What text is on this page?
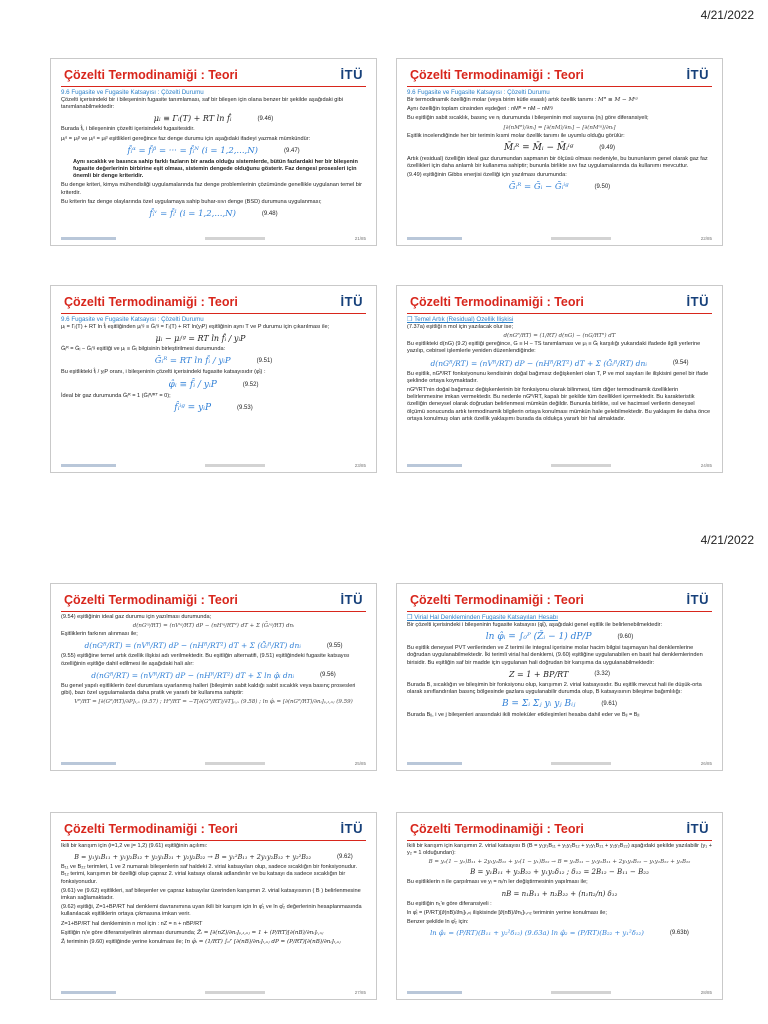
4/21/2022
4/21/2022
Çözelti Termodinamiği : Teori	İTÜ
9.6 Fugasite ve Fugasite Katsayısı : Çözelti Durumu

Çözelti içerisindeki bir i bileşeninin fugasite tanımlaması, saf bir bileşen için olana benzer bir şekilde aşağıdaki gibi tanımlanabilmektedir:

μᵢ ≡ Γᵢ(T) + RT ln f̂ᵢ	(9.46)

Burada f̂ᵢ, i bileşeninin çözelti içerisindeki fugasitesidir.

μᵢᵅ = μᵢᵝ ve μᵢᵅ = μᵢᵝ eşitlikleri gereğince faz denge durumu için aşağıdaki ifadeyi yazmak mümkündür:

f̂ᵢᵅ = f̂ᵢᵝ = ··· = f̂ᵢᴺ (i = 1,2,...,N)	(9.47)
Aynı sıcaklık ve basınca sahip farklı fazların bir arada olduğu sistemlerde, bütün fazlardaki her bir bileşenin fugasite değerlerinin birbirine eşit olması, sistemin dengede olduğunu gösterir. Faz dengesi prosesleri için önemli bir denge kriteridir.

Bu denge kriteri, kimya mühendisliği uygulamalarında faz denge problemlerinin çözümünde genellikle uygulanan temel bir kriterdir.

Bu kriterin faz denge olaylarında özel uygulamaya sahip buhar-sıvı denge (BSD) durumuna uygulanması;

f̂ᵢᵛ = f̂ᵢˡ (i = 1,2,...,N)	(9.48)
21/85
Çözelti Termodinamiği : Teori	İTÜ
9.6 Fugasite ve Fugasite Katsayısı : Çözelti Durumu

Bir termodinamik özelliğin molar (veya birim kütle esaslı) artık özellik tanımı : Mᴿ ≡ M − Mⁱᵍ

Aynı özelliğin toplam cinsinden eşdeğeri : nMᴿ = nM − nMⁱᵍ

Bu eşitliğin sabit sıcaklık, basınç ve nⱼ durumunda i bileşeninin mol sayısına (nᵢ) göre diferansiyeli;

[∂(nMᴿ)/∂nᵢ] = [∂(nM)/∂nᵢ] − [∂(nMⁱᵍ)/∂nᵢ]

Eşitlik incelendiğinde her bir terimin kısmi molar özellik tanımı ile uyumlu olduğu görülür:

M̄ᵢᴿ = M̄ᵢ − M̄ᵢⁱᵍ	(9.49)

Artık (residual) özelliğin ideal gaz durumundan sapmanın bir ölçüsü olması nedeniyle, bu bununlarım genel olarak gaz faz özellikleri için daha anlamlı bir kullanıma sahiptir; bununla birlikte sıvı faz uygulamalarında da kullanımı mevcuttur.

(9.49) eşitliğinin Gibbs enerjisi özelliği için yazılması durumunda:

Ḡᵢᴿ = Ḡᵢ − Ḡᵢⁱᵍ	(9.50)
22/85
Çözelti Termodinamiği : Teori	İTÜ
9.6 Fugasite ve Fugasite Katsayısı : Çözelti Durumu

μᵢ = Γᵢ(T) + RT ln f̂ᵢ eşitliğinden μᵢⁱᵍ ≡ Ḡᵢⁱᵍ = Γᵢ(T) + RT ln(yᵢP) eşitliğinin aynı T ve P durumu için çıkarılması ile;

μᵢ − μᵢⁱᵍ = RT ln f̂ᵢ / yᵢP

Ḡᵢᴿ = Ḡᵢ − Ḡᵢⁱᵍ eşitliği ve μᵢ ≡ Ḡᵢ bilgisinin birleştirilmesi durumunda:

Ḡᵢᴿ = RT ln f̂ᵢ / yᵢP	(9.51)

Bu eşitlikteki f̂ᵢ / yᵢP oranı, i bileşeninin çözelti içerisindeki fugasite katsayısıdır (φ̂ᵢ) :

φ̂ᵢ ≡ f̂ᵢ / yᵢP	(9.52)

İdeal bir gaz durumunda Ḡᵢᴿ = 1 (Ḡᵢᴿ/ᴿᵀ = 0);

f̂ᵢⁱᵍ = yᵢP	(9.53)
23/85
Çözelti Termodinamiği : Teori	İTÜ
❐ Temel Artık (Residual) Özellik İlişkisi

(7.37a) eşitliği n mol için yazılacak olur ise;

d(nGᴿ/RT) = (1/RT) d(nG) − (nG/RT²) dT

Bu eşitlikteki d(nG) (9.2) eşitliği gereğince, G ≡ H − TS tanımlaması ve μᵢ ≡ Ḡᵢ karşılığı yukarıdaki ifadede ilgili yerlerine yazılıp, cebirsel işlemlerle yeniden düzenlendiğinde:

d(nGᴿ/RT) = (nVᴿ/RT) dP − (nHᴿ/RT²) dT + Σ (Ḡᵢᴿ/RT) dnᵢ	(9.54)

Bu eşitlik, nGᴿ/RT fonksiyonunu kendisinin doğal bağımsız değişkenleri olan T, P ve mol sayıları ile ilişkisini genel bir ifade şeklinde ortaya koymaktadır.

nGᴿ/RT'nin doğal bağımsız değişkenlerinin bir fonksiyonu olarak bilinmesi, tüm diğer termodinamik özelliklerin belirlenmesine imkan vermektedir. Bu nedenle nGᴿ/RT, kapalı bir şekilde tüm özellikleri içermektedir. Bu karakteristik özelliğin deneysel olarak doğrudan belirlenmesi mümkün değildir. Bununla birlikte, ısıl ve hacimsel verilerin deneysel ölçümü sonucunda artık termodinamik bilgilerin ortaya konulması mümkün hale gelebilmektedir. Bu yaklaşım ile daha önce ortaya konulmuş olan artık özellik yaklaşımı burada da oldukça yararlı bir hal almaktadır.

24/85
Çözelti Termodinamiği : Teori	İTÜ

(9.54) eşitliğinin ideal gaz durumu için yazılması durumunda;

d(nGⁱᵍ/RT) = (nVⁱᵍ/RT) dP − (nHⁱᵍ/RT²) dT + Σ (Ḡᵢⁱᵍ/RT) dnᵢ

Eşitliklerin farkının alınması ile;

d(nGᴿ/RT) = (nVᴿ/RT) dP − (nHᴿ/RT²) dT + Σ (Ḡᵢᴿ/RT) dnᵢ	(9.55)

(9.55) eşitliğine temel artık özellik ilişkisi adı verilmektedir. Bu eşitliğin alternatifi, (9.51) eşitliğindeki fugasite katsayısı özelliğinin eşitliğe dahil edilmesi ile aşağıdaki hali alır:

d(nGᴿ/RT) = (nVᴿ/RT) dP − (nHᴿ/RT²) dT + Σ ln φ̂ᵢ dnᵢ	(9.56)

Bu genel yapılı eşitliklerin özel durumlara uyarlanmış halleri (bileşimin sabit kaldığı sabit sıcaklık veya basınç prosesleri gibi), bazı özel uygulamalarda daha pratik ve yararlı bir kullanıma sahiptir:

Vᴿ/RT = [∂(Gᴿ/RT)/∂P]ₜ,ₓ (9.57) ; Hᴿ/RT = −T[∂(Gᴿ/RT)/∂T]ₚ,ₓ (9.58) ; ln φ̂ᵢ = [∂(nGᴿ/RT)/∂nᵢ]ₚ,ₜ,ₙⱼ (9.59)
25/85
Çözelti Termodinamiği : Teori	İTÜ
❐ Virial Hal Denkleminden Fugasite Katsayıları Hesabı

Bir çözelti içerisindeki i bileşeninin fugasite katsayısı (φ̂ᵢ), aşağıdaki genel eşitlik ile belirlenebilmektedir:

ln φ̂ᵢ = ∫₀ᴾ (Z̄ᵢ − 1) dP/P	(9.60)

Bu eşitlik deneysel PVT verilerinden ve Z terimi ile integral içerisine molar hacim bilgisi taşımayan hal denklemlerine doğrudan uygulanabilmektedir. İki terimli virial hal denklemi, (9.60) eşitliğine uygulanabilen en basit hal denklemlerinden birisidir. Bu eşitliğin saf bir madde için uygulanan hali doğrudan bir karışıma da uygulanabilmektedir:

Z = 1 + BP/RT	(3.32)

Burada B, sıcaklığın ve bileşimin bir fonksiyonu olup, karışımın 2. virial katsayısıdır. Bu eşitlik mevcut hali ile düşük-orta olarak sınıflandırılan basınç bölgesinde gazlara uygulanabilir durumda olup, B katsayısının bileşime bağımlılığı:

B = Σᵢ Σⱼ yᵢ yⱼ Bᵢⱼ	(9.61)

Burada Bᵢⱼ, i ve j bileşenleri arasındaki ikili moleküler etkileşimleri hesaba dahil eder ve Bᵢⱼ = Bⱼᵢ

26/85
Çözelti Termodinamiği : Teori	İTÜ

İkili bir karışım için (i=1,2 ve j= 1,2) (9.61) eşitliğinin açılımı:

B = y₁y₁B₁₁ + y₁y₂B₁₂ + y₂y₁B₂₁ + y₂y₂B₂₂ → B = y₁²B₁₁ + 2y₁y₂B₁₂ + y₂²B₂₂	(9.62)

B₁₁ ve B₂₂ terimleri, 1 ve 2 numaralı bileşenlerin saf haldeki 2. virial katsayıları olup, sadece sıcaklığın bir fonksiyonudur. B₁₂ terimi, karışımın bir özelliği olup çapraz 2. virial katsayı olarak adlandırılır ve bu katsayı da sadece sıcaklığın bir fonksiyonudur.

(9.61) ve (9.62) eşitlikleri, saf bileşenler ve çapraz katsayılar üzerinden karışımın 2. virial katsayısının ( B ) belirlenmesine imkan sağlamaktadır.

(9.62) eşitliği, Z=1+BP/RT hal denklemi davranımına uyan ikili bir karışım için ln φ̂₁ ve ln φ̂₂ değerlerinin hesaplanmasında kullanılacak eşitliklerin ortaya çıkmasına imkan verir.

Z=1+BP/RT hal denkleminin n mol için : nZ = n + nBP/RT

Eşitliğin nᵢ'e göre diferansiyelinin alınması durumunda; Z̄ᵢ = [∂(nZ)/∂nᵢ]ₚ,ₜ,ₙⱼ = 1 + (P/RT)[∂(nB)/∂nᵢ]ₜ,ₙⱼ

Z̄ᵢ teriminin (9.60) eşitliğinde yerine konulması ile; ln φ̂ᵢ = (1/RT) ∫₀ᴾ [∂(nB)/∂nᵢ]ₜ,ₙⱼ dP = (P/RT)[∂(nB)/∂nᵢ]ₜ,ₙⱼ

27/85
Çözelti Termodinamiği : Teori	İTÜ

İkili bir karışım için karışımın 2. virial katsayısı B (B = y₁y₁B₁₁ + y₁y₂B₁₂ + y₂y₁B₂₁ + y₂y₂B₂₂) aşağıdaki şekilde yazılabilir (y₁ + y₂ = 1 olduğundan):

B = y₁(1 − y₂)B₁₁ + 2y₁y₂B₁₂ + y₂(1 − y₁)B₂₂ → B = y₁B₁₁ − y₁y₂B₁₁ + 2y₁y₂B₁₂ − y₁y₂B₂₂ + y₂B₂₂
B = y₁B₁₁ + y₂B₂₂ + y₁y₂δ₁₂ ; δ₁₂ = 2B₁₂ − B₁₁ − B₂₂

Bu eşitliklerin n ile çarpılması ve yᵢ = nᵢ/n ler değiştirmesinin yapılması ile;

nB = n₁B₁₁ + n₂B₂₂ + (n₁n₂/n) δ₁₂

Bu eşitliğin n₁'e göre diferansiyeli :

ln φ̂ᵢ = (P/RT)[∂(nB)/∂nᵢ]ₜ,ₙⱼ ilişkisinde [∂(nB)/∂n₁]ₜ,ₙ₂ teriminin yerine konulması ile;

Benzer şekilde ln φ̂₂ için:

ln φ̂₁ = (P/RT)(B₁₁ + y₂²δ₁₂) (9.63a) ln φ̂₂ = (P/RT)(B₂₂ + y₁²δ₁₂)	(9.63b)
28/85
